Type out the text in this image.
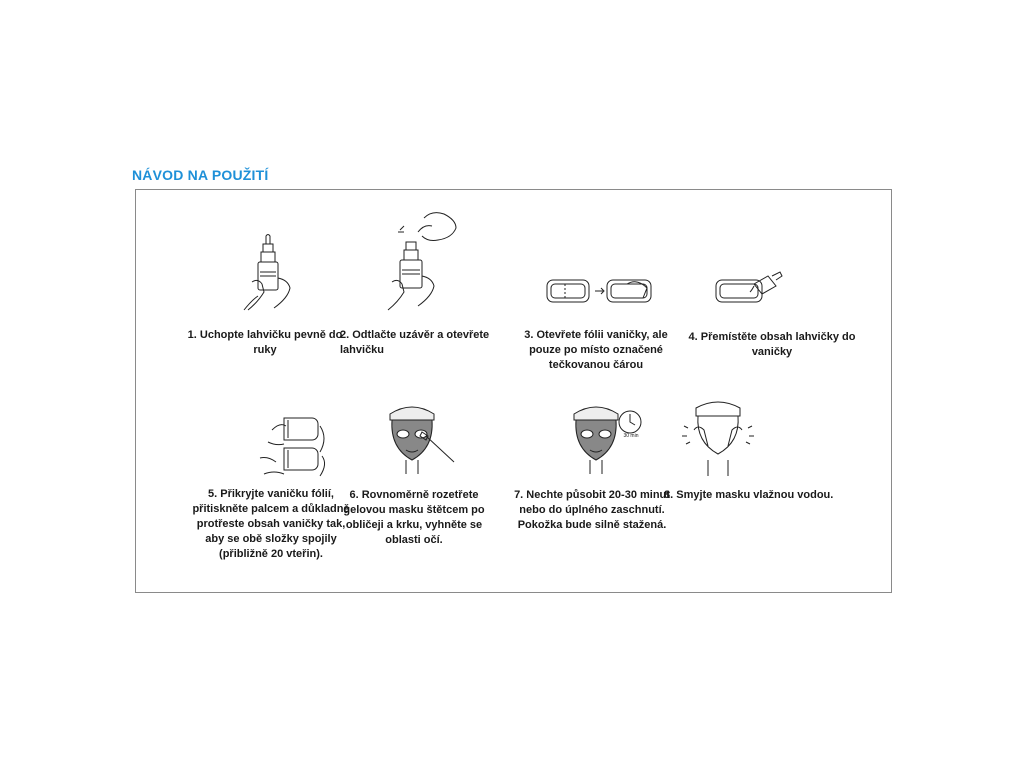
NÁVOD NA POUŽITÍ
1. Uchopte lahvičku pevně do ruky
2. Odtlačte uzávěr a otevřete lahvičku
3. Otevřete fólii vaničky, ale pouze po místo označené tečkovanou čárou
4. Přemístěte obsah lahvičky do vaničky
5. Přikryjte vaničku fólií, přitiskněte palcem a důkladně protřeste obsah vaničky tak, aby se obě složky spojily (přibližně 20 vteřin).
6. Rovnoměrně rozetřete gelovou masku štětcem po obličeji a krku, vyhněte se oblasti očí.
30 min
7. Nechte působit 20-30 minut nebo do úplného zaschnutí. Pokožka bude silně stažená.
8. Smyjte masku vlažnou vodou.
